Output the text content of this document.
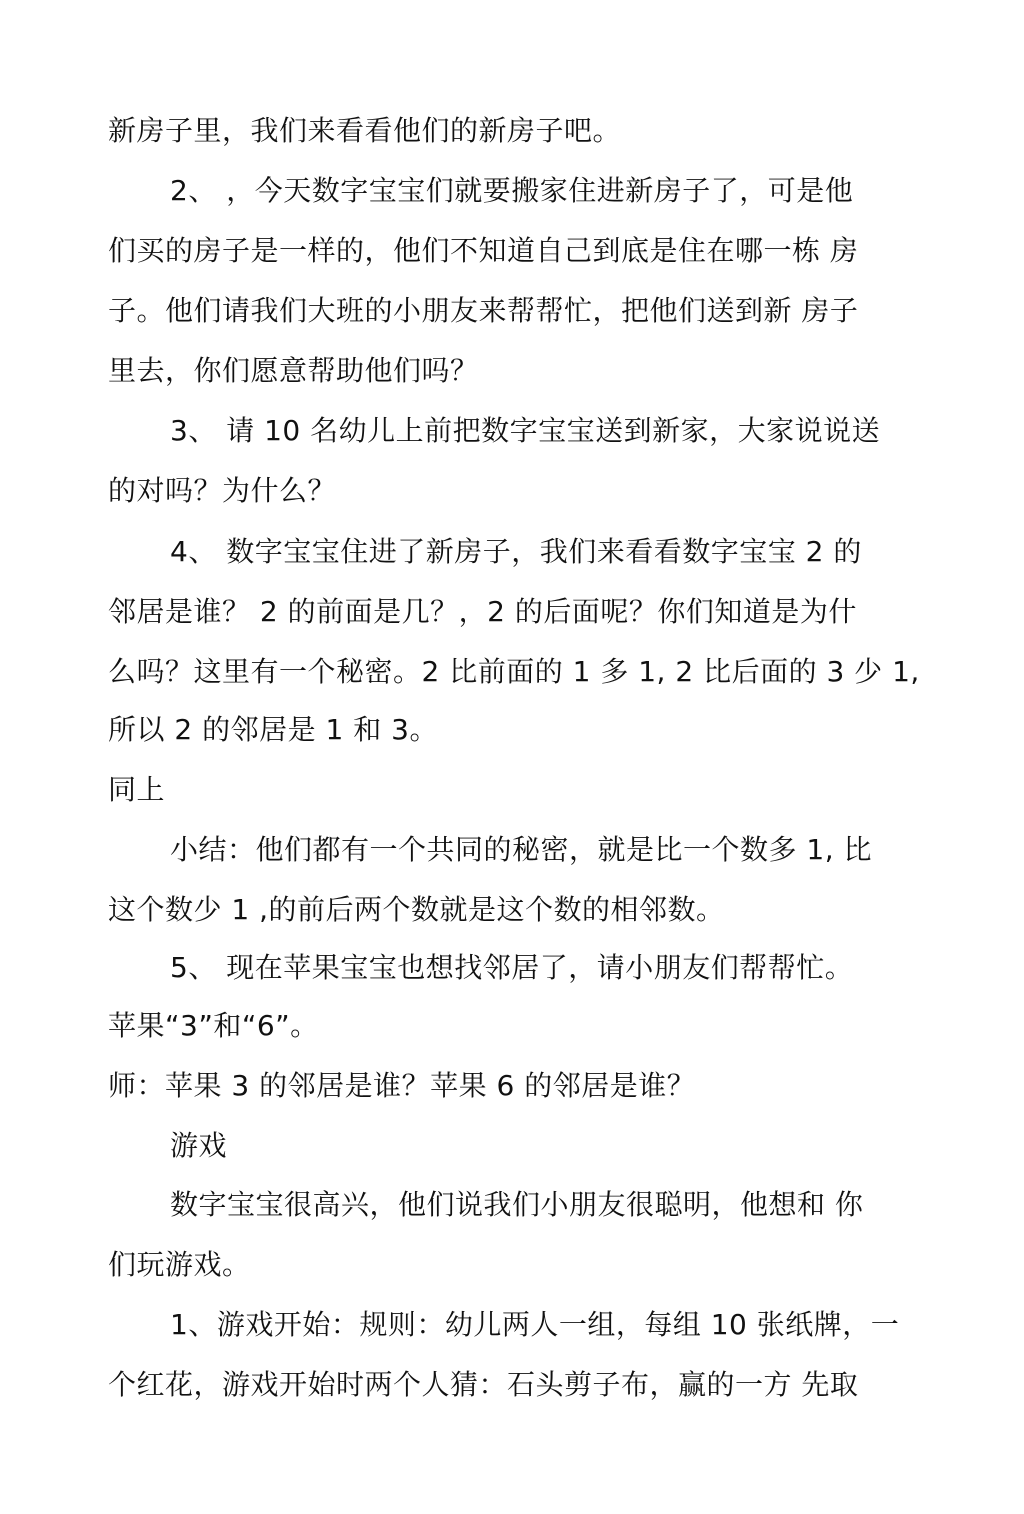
新房子里，我们来看看他们的新房子吧。
2、 ，今天数字宝宝们就要搬家住进新房子了，可是他
们买的房子是一样的，他们不知道自己到底是住在哪一栋 房
子。他们请我们大班的小朋友来帮帮忙，把他们送到新 房子
里去，你们愿意帮助他们吗？
3、 请 10 名幼儿上前把数字宝宝送到新家，大家说说送
的对吗？为什么？
4、 数字宝宝住进了新房子，我们来看看数字宝宝 2 的
邻居是谁？ 2 的前面是几？，2 的后面呢？你们知道是为什
么吗？这里有一个秘密。2 比前面的 1 多 1, 2 比后面的 3 少 1,
所以 2 的邻居是 1 和 3。
同上
小结：他们都有一个共同的秘密，就是比一个数多 1, 比
这个数少 1 ,的前后两个数就是这个数的相邻数。
5、 现在苹果宝宝也想找邻居了，请小朋友们帮帮忙。
苹果“3”和“6”。
师：苹果 3 的邻居是谁？苹果 6 的邻居是谁？
游戏
数字宝宝很高兴，他们说我们小朋友很聪明，他想和 你
们玩游戏。
1、游戏开始：规则：幼儿两人一组，每组 10 张纸牌，一
个红花，游戏开始时两个人猜：石头剪子布，赢的一方 先取
